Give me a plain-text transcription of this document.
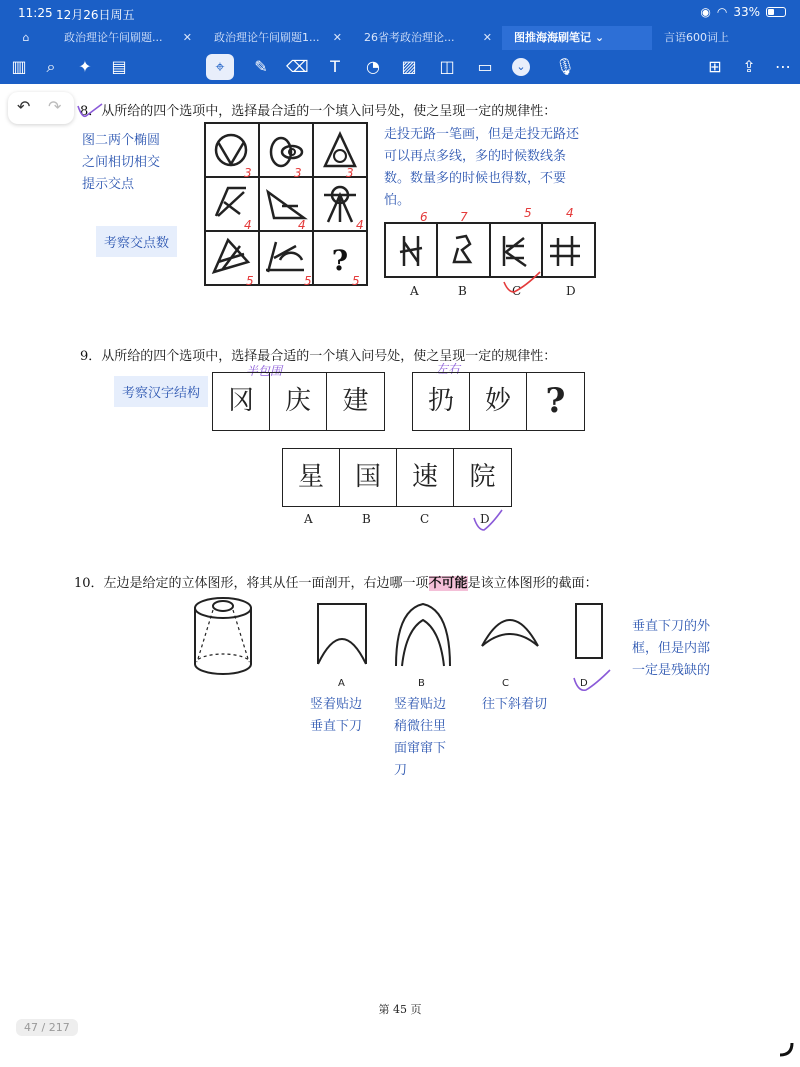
11:25 12月26日周五	◉ ◠ 33%
⌂	政治理论午间刷题... ✕	政治理论午间刷题1... ✕	26省考政治理论...	✕	图推海海刷笔记 ⌄	言语600词上
▥	⌕	✦ ▤	⌖	✎ ⌫	T	◔ ▨ ◫ ▭	⌄ 🎙	⊞ ⇪ ⋯
↶ ↷ 8．从所给的四个选项中，选择最合适的一个填入问号处，使之呈现一定的规律性：
图二两个椭圆
之间相切相交
提示交点
考察交点数
?
3	3	3
4	4	4
5	5	5
走投无路一笔画，但是走投无路还
可以再点多线，多的时候数线条
数。数量多的时候也得数，不要
怕。
6	7	5	4
A	B	C	D
9．从所给的四个选项中，选择最合适的一个填入问号处，使之呈现一定的规律性：
考察汉字结构
半包围	左右
冈	庆	建	扔	妙	?
星	国	速	院
A	B	C	D
10．左边是给定的立体图形，将其从任一面剖开，右边哪一项不可能是该立体图形的截面：
A	B	C	D
竖着贴边
垂直下刀
竖着贴边
稍微往里
面窜窜下
刀
往下斜着切
垂直下刀的外
框，但是内部
一定是残缺的
第 45 页
47 / 217
